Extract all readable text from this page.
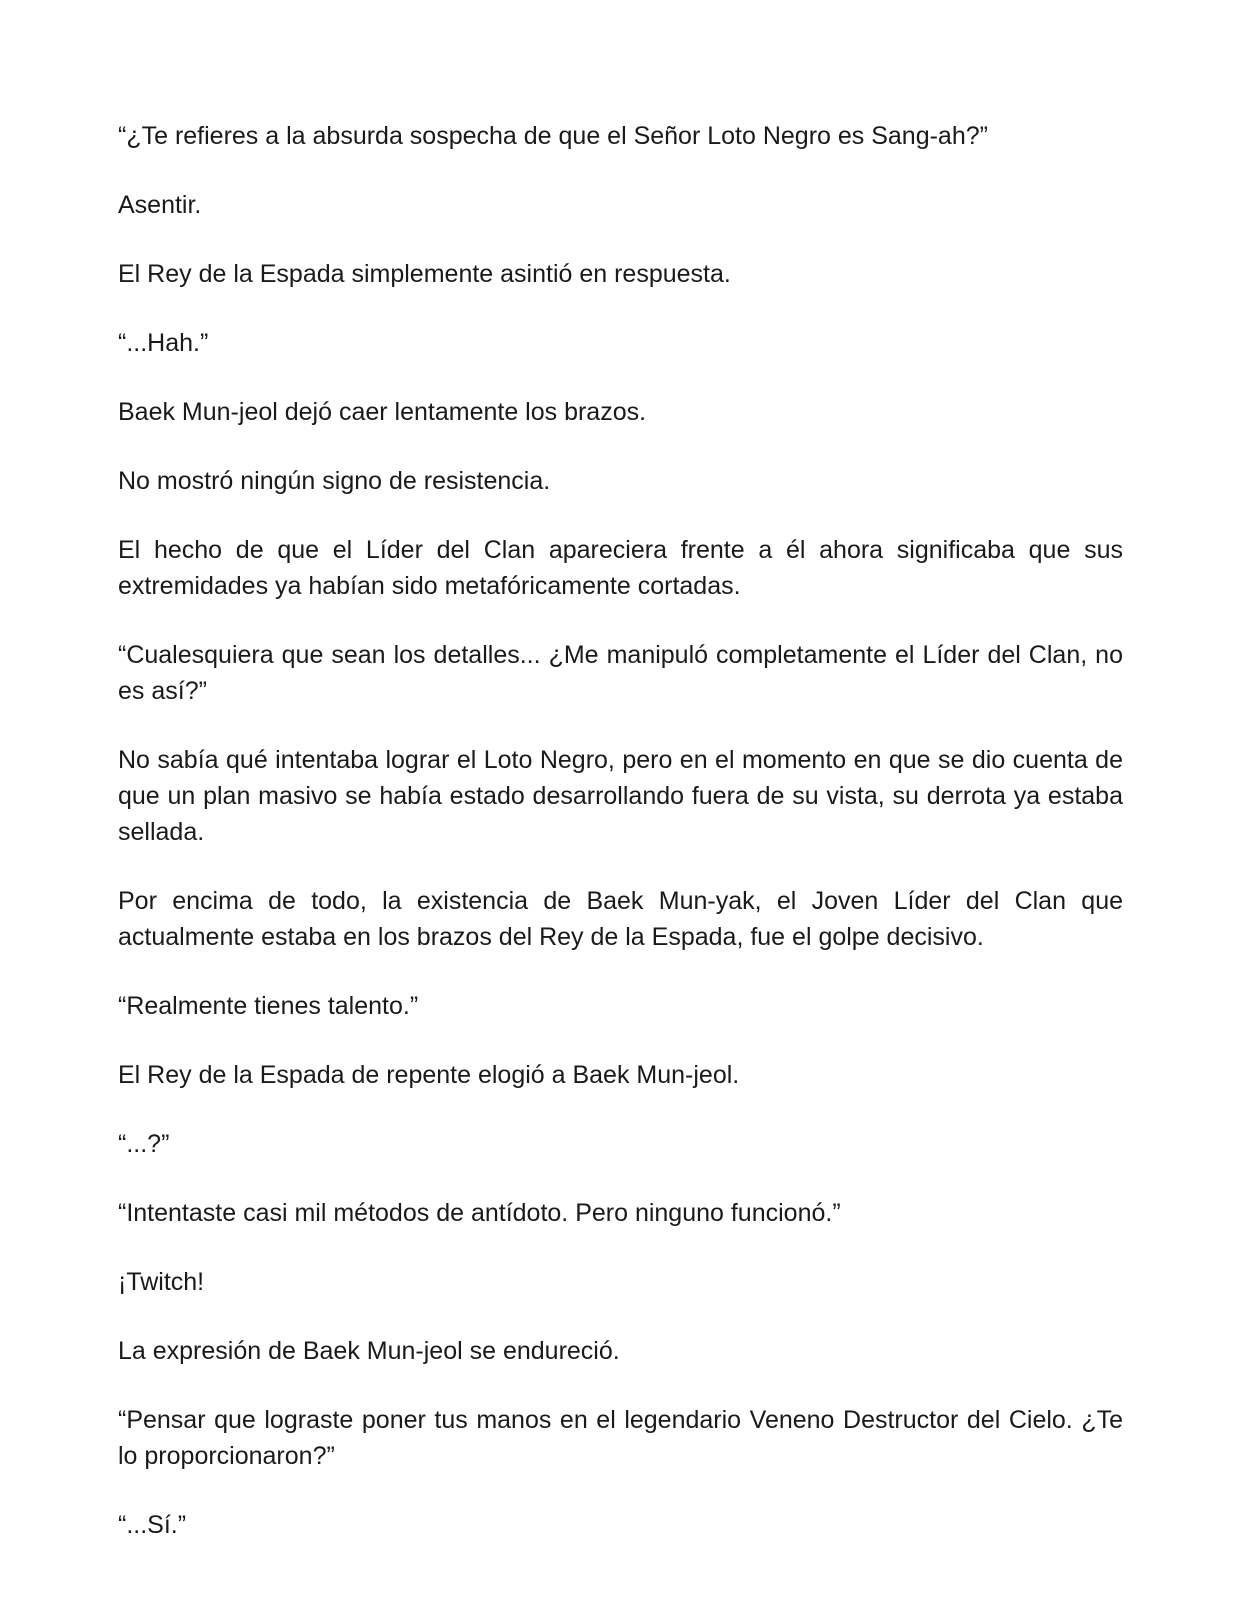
“¿Te refieres a la absurda sospecha de que el Señor Loto Negro es Sang-ah?”

Asentir.

El Rey de la Espada simplemente asintió en respuesta.

“...Hah.”

Baek Mun-jeol dejó caer lentamente los brazos.

No mostró ningún signo de resistencia.

El hecho de que el Líder del Clan apareciera frente a él ahora significaba que sus extremidades ya habían sido metafóricamente cortadas.

“Cualesquiera que sean los detalles... ¿Me manipuló completamente el Líder del Clan, no es así?”

No sabía qué intentaba lograr el Loto Negro, pero en el momento en que se dio cuenta de que un plan masivo se había estado desarrollando fuera de su vista, su derrota ya estaba sellada.

Por encima de todo, la existencia de Baek Mun-yak, el Joven Líder del Clan que actualmente estaba en los brazos del Rey de la Espada, fue el golpe decisivo.

“Realmente tienes talento.”

El Rey de la Espada de repente elogió a Baek Mun-jeol.

“...?”

“Intentaste casi mil métodos de antídoto. Pero ninguno funcionó.”

¡Twitch!

La expresión de Baek Mun-jeol se endureció.

“Pensar que lograste poner tus manos en el legendario Veneno Destructor del Cielo. ¿Te lo proporcionaron?”

“...Sí.”
